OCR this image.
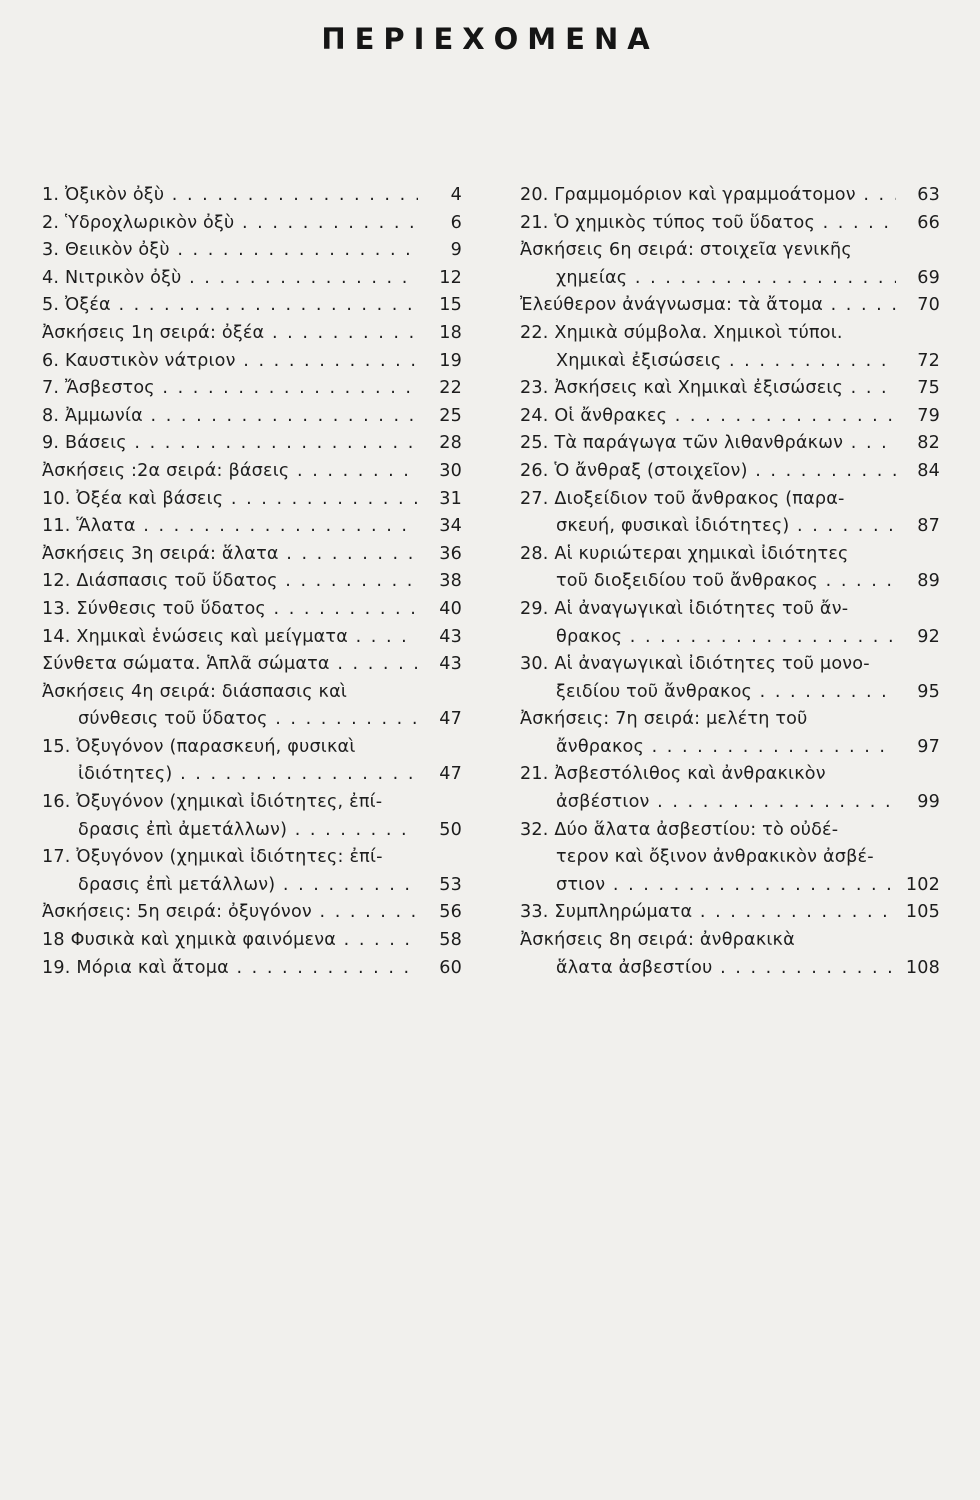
ΠΕΡΙΕΧΟΜΕΝΑ
1. Ὀξικὸν ὀξὺ . . .	4
2. Ὑδροχλωρικὸν ὀξὺ . . .	6
3. Θειικὸν ὀξὺ . . .	9
4. Νιτρικὸν ὀξὺ . . .	12
5. Ὀξέα . . .	15
Ἀσκήσεις 1η σειρά: ὀξέα . . .	18
6. Καυστικὸν νάτριον . . .	19
7. Ἄσβεστος . . .	22
8. Ἀμμωνία . . .	25
9. Βάσεις . . .	28
Ἀσκήσεις :2α σειρά: βάσεις . . .	30
10. Ὀξέα καὶ βάσεις . . .	31
11. Ἅλατα . . .	34
Ἀσκήσεις 3η σειρά: ἅλατα . . .	36
12. Διάσπασις τοῦ ὕδατος . . .	38
13. Σύνθεσις τοῦ ὕδατος . . .	40
14. Χημικαὶ ἑνώσεις καὶ μείγματα . . .	43
Σύνθετα σώματα. Ἁπλᾶ σώματα . . .	43
Ἀσκήσεις 4η σειρά: διάσπασις καὶ
σύνθεσις τοῦ ὕδατος . . .	47
15. Ὀξυγόνον (παρασκευή, φυσικαὶ
ἰδιότητες) . . .	47
16. Ὀξυγόνον (χημικαὶ ἰδιότητες, ἐπί-
δρασις ἐπὶ ἀμετάλλων) . . .	50
17. Ὀξυγόνον (χημικαὶ ἰδιότητες: ἐπί-
δρασις ἐπὶ μετάλλων) . . .	53
Ἀσκήσεις: 5η σειρά: ὀξυγόνον . . .	56
18 Φυσικὰ καὶ χημικὰ φαινόμενα . . .	58
19. Μόρια καὶ ἄτομα . . .	60
20. Γραμμομόριον καὶ γραμμοάτομον . . .	63
21. Ὁ χημικὸς τύπος τοῦ ὕδατος . . .	66
Ἀσκήσεις 6η σειρά: στοιχεῖα γενικῆς
χημείας . . .	69
Ἐλεύθερον ἀνάγνωσμα: τὰ ἄτομα . . .	70
22. Χημικὰ σύμβολα. Χημικοὶ τύποι.
Χημικαὶ ἐξισώσεις . . .	72
23. Ἀσκήσεις καὶ Χημικαὶ ἐξισώσεις . . .	75
24. Οἱ ἄνθρακες . . .	79
25. Τὰ παράγωγα τῶν λιθανθράκων . . .	82
26. Ὁ ἄνθραξ (στοιχεῖον) . . .	84
27. Διοξείδιον τοῦ ἄνθρακος (παρα-
σκευή, φυσικαὶ ἰδιότητες) . . .	87
28. Αἱ κυριώτεραι χημικαὶ ἰδιότητες
τοῦ διοξειδίου τοῦ ἄνθρακος . . .	89
29. Αἱ ἀναγωγικαὶ ἰδιότητες τοῦ ἄν-
θρακος . . .	92
30. Αἱ ἀναγωγικαὶ ἰδιότητες τοῦ μονο-
ξειδίου τοῦ ἄνθρακος . . .	95
Ἀσκήσεις: 7η σειρά: μελέτη τοῦ
ἄνθρακος . . .	97
21. Ἀσβεστόλιθος καὶ ἀνθρακικὸν
ἀσβέστιον . . .	99
32. Δύο ἅλατα ἀσβεστίου: τὸ οὐδέ-
τερον καὶ ὄξινον ἀνθρακικὸν ἀσβέ-
στιον . . .	102
33. Συμπληρώματα . . .	105
Ἀσκήσεις 8η σειρά: ἀνθρακικὰ
ἅλατα ἀσβεστίου . . .	108
